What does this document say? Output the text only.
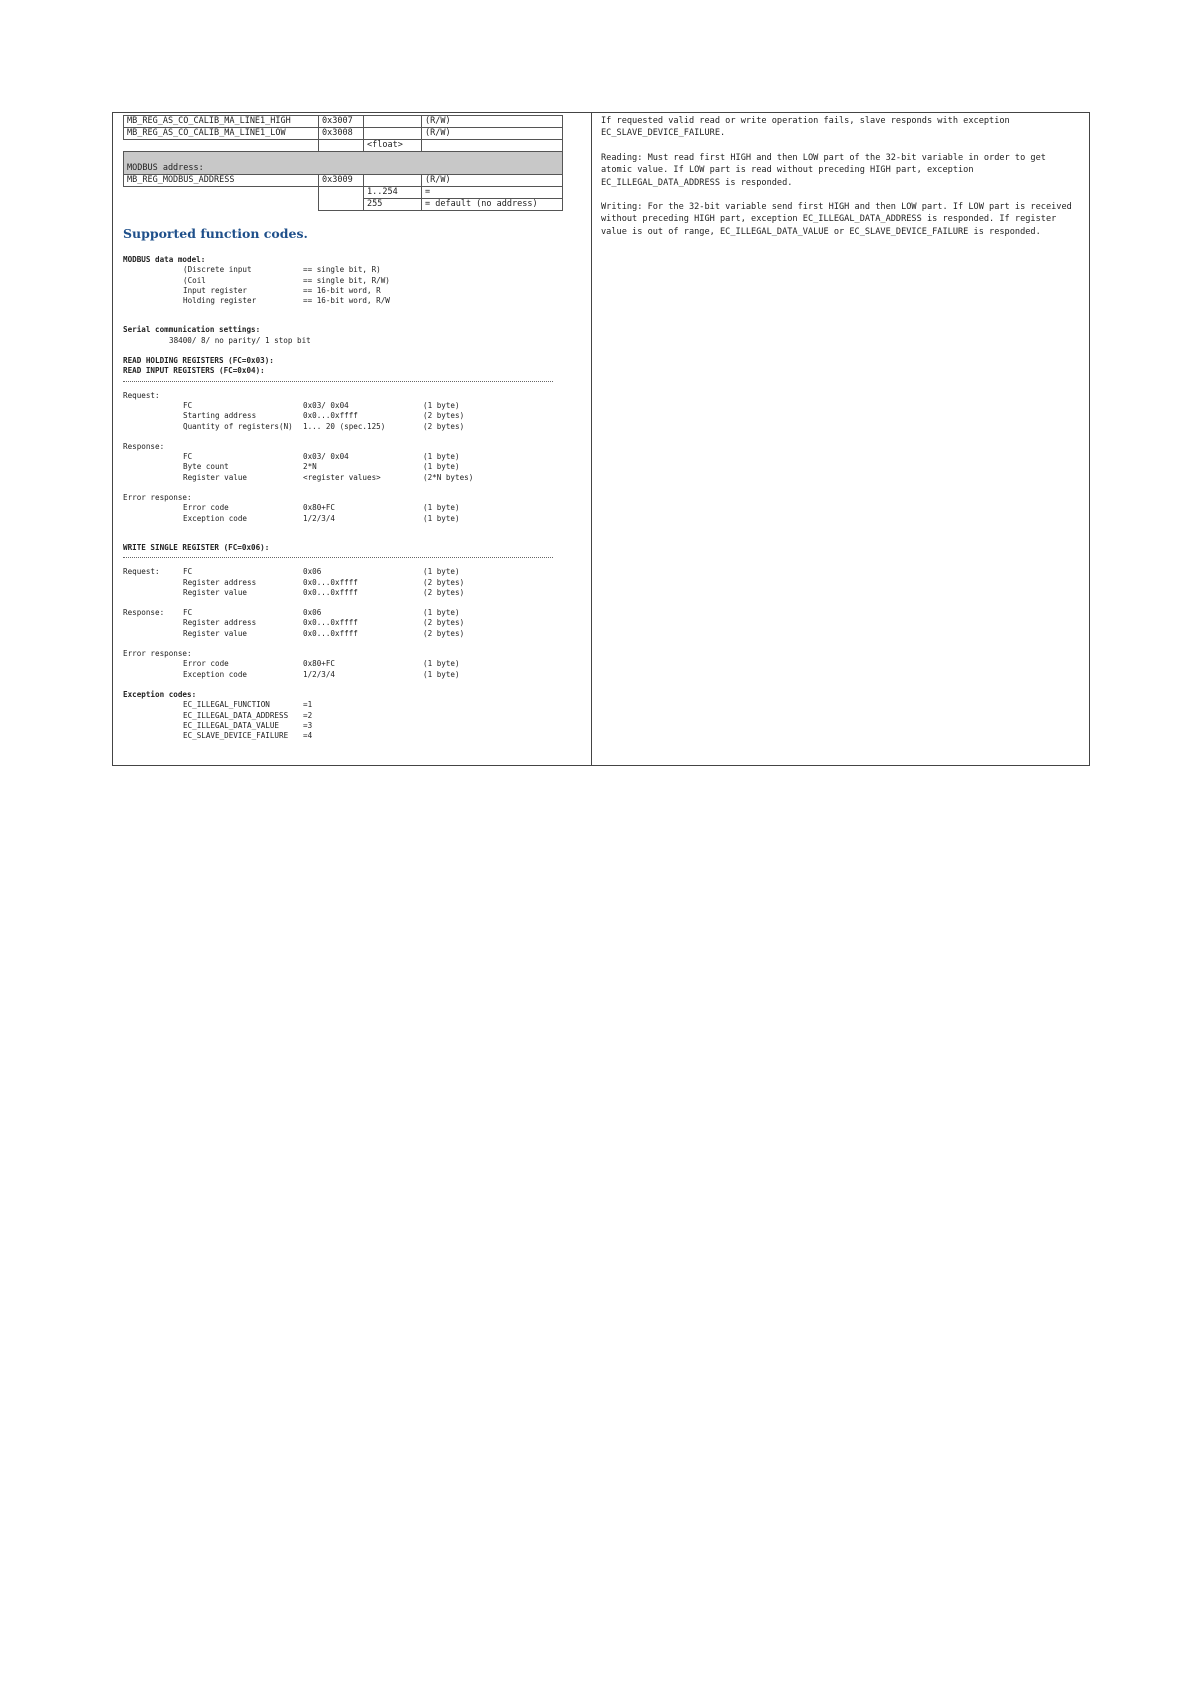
MB_REG_AS_CO_CALIB_MA_LINE1_HIGH	0x3007		(R/W)
MB_REG_AS_CO_CALIB_MA_LINE1_LOW	0x3008		(R/W)
		<float>	
MODBUS address:			
MB_REG_MODBUS_ADDRESS	0x3009		(R/W)
		1..254	=
		255	= default (no address)
Supported function codes.
MODBUS data model:
(Discrete input	== single bit, R)
(Coil	== single bit, R/W)
Input register	== 16-bit word, R
Holding register	== 16-bit word, R/W
Serial communication settings:
38400/ 8/ no parity/ 1 stop bit
READ HOLDING REGISTERS (FC=0x03):
READ INPUT REGISTERS (FC=0x04):
Request:
FC	0x03/ 0x04	(1 byte)
Starting address	0x0...0xffff	(2 bytes)
Quantity of registers(N) 1... 20 (spec.125)	(2 bytes)
Response:
FC	0x03/ 0x04	(1 byte)
Byte count	2*N	(1 byte)
Register value	<register values>	(2*N bytes)
Error response:
Error code	0x80+FC	(1 byte)
Exception code	1/2/3/4	(1 byte)
WRITE SINGLE REGISTER (FC=0x06):
Request:	FC	0x06	(1 byte)
Register address	0x0...0xffff	(2 bytes)
Register value	0x0...0xffff	(2 bytes)
Response: FC	0x06	(1 byte)
Register address	0x0...0xffff	(2 bytes)
Register value	0x0...0xffff	(2 bytes)
Error response:
Error code	0x80+FC	(1 byte)
Exception code	1/2/3/4	(1 byte)
Exception codes:
EC_ILLEGAL_FUNCTION	=1
EC_ILLEGAL_DATA_ADDRESS =2
EC_ILLEGAL_DATA_VALUE	=3
EC_SLAVE_DEVICE_FAILURE =4

If requested valid read or write operation fails, slave responds with exception EC_SLAVE_DEVICE_FAILURE.

Reading: Must read first HIGH and then LOW part of the 32-bit variable in order to get atomic value. If LOW part is read without preceding HIGH part, exception EC_ILLEGAL_DATA_ADDRESS is responded.

Writing: For the 32-bit variable send first HIGH and then LOW part. If LOW part is received without preceding HIGH part, exception EC_ILLEGAL_DATA_ADDRESS is responded. If register value is out of range, EC_ILLEGAL_DATA_VALUE or EC_SLAVE_DEVICE_FAILURE is responded.
